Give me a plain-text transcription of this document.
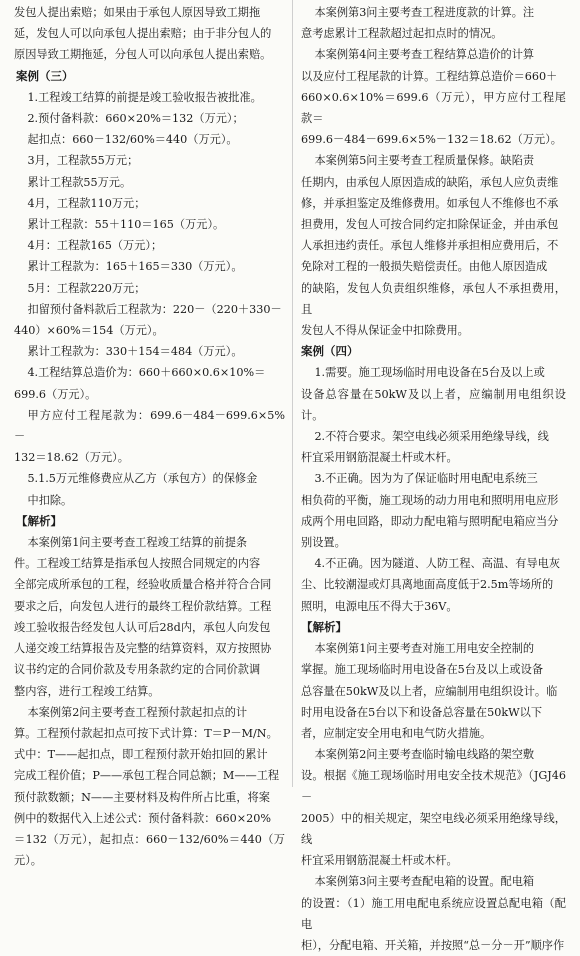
发包人提出索赔；如果由于承包人原因导致工期拖

延，发包人可以向承包人提出索赔；由于非分包人的

原因导致工期拖延，分包人可以向承包人提出索赔。

案例（三）

1.工程竣工结算的前提是竣工验收报告被批准。

2.预付备料款：660×20%＝132（万元）；

起扣点：660－132/60%＝440（万元）。

3月，工程款55万元；

累计工程款55万元。

4月，工程款110万元；

累计工程款：55＋110＝165（万元）。

4月：工程款165（万元）；

累计工程款为：165＋165＝330（万元）。

5月：工程款220万元；

扣留预付备料款后工程款为：220－（220＋330－

440）×60%＝154（万元）。

累计工程款为：330＋154＝484（万元）。

4.工程结算总造价为：660＋660×0.6×10%＝

699.6（万元）。

甲方应付工程尾款为：699.6－484－699.6×5%－

132＝18.62（万元）。

5.1.5万元维修费应从乙方（承包方）的保修金

中扣除。

【解析】

本案例第1问主要考查工程竣工结算的前提条

件。工程竣工结算是指承包人按照合同规定的内容

全部完成所承包的工程，经验收质量合格并符合合同

要求之后，向发包人进行的最终工程价款结算。工程

竣工验收报告经发包人认可后28d内，承包人向发包

人递交竣工结算报告及完整的结算资料，双方按照协

议书约定的合同价款及专用条款约定的合同价款调

整内容，进行工程竣工结算。

本案例第2问主要考查工程预付款起扣点的计

算。工程预付款起扣点可按下式计算：T＝P－M/N。

式中：T——起扣点，即工程预付款开始扣回的累计

完成工程价值；P——承包工程合同总额；M——工程

预付款数额；N——主要材料及构件所占比重，将案

例中的数据代入上述公式：预付备料款：660×20%

＝132（万元），起扣点：660－132/60%＝440（万元）。

本案例第3问主要考查工程进度款的计算。注

意考虑累计工程款超过起扣点时的情况。

本案例第4问主要考查工程结算总造价的计算

以及应付工程尾款的计算。工程结算总造价＝660＋

660×0.6×10%＝699.6（万元），甲方应付工程尾款＝

699.6－484－699.6×5%－132＝18.62（万元）。

本案例第5问主要考查工程质量保修。缺陷责

任期内，由承包人原因造成的缺陷，承包人应负责维

修，并承担鉴定及维修费用。如承包人不维修也不承

担费用，发包人可按合同约定扣除保证金，并由承包

人承担违约责任。承包人维修并承担相应费用后，不

免除对工程的一般损失赔偿责任。由他人原因造成

的缺陷，发包人负责组织维修，承包人不承担费用，且

发包人不得从保证金中扣除费用。

案例（四）

1.需要。施工现场临时用电设备在5台及以上或

设备总容量在50kW及以上者，应编制用电组织设计。

2.不符合要求。架空电线必须采用绝缘导线，线

杆宜采用钢筋混凝土杆或木杆。

3.不正确。因为为了保证临时用电配电系统三

相负荷的平衡，施工现场的动力用电和照明用电应形

成两个用电回路，即动力配电箱与照明配电箱应当分

别设置。

4.不正确。因为隧道、人防工程、高温、有导电灰

尘、比较潮湿或灯具离地面高度低于2.5m等场所的

照明，电源电压不得大于36V。

【解析】

本案例第1问主要考查对施工用电安全控制的

掌握。施工现场临时用电设备在5台及以上或设备

总容量在50kW及以上者，应编制用电组织设计。临

时用电设备在5台以下和设备总容量在50kW以下

者，应制定安全用电和电气防火措施。

本案例第2问主要考查临时输电线路的架空敷

设。根据《施工现场临时用电安全技术规范》（JGJ46－

2005）中的相关规定，架空电线必须采用绝缘导线，线

杆宜采用钢筋混凝土杆或木杆。

本案例第3问主要考查配电箱的设置。配电箱

的设置：（1）施工用电配电系统应设置总配电箱（配电

柜），分配电箱、开关箱，并按照“总－分－开”顺序作
